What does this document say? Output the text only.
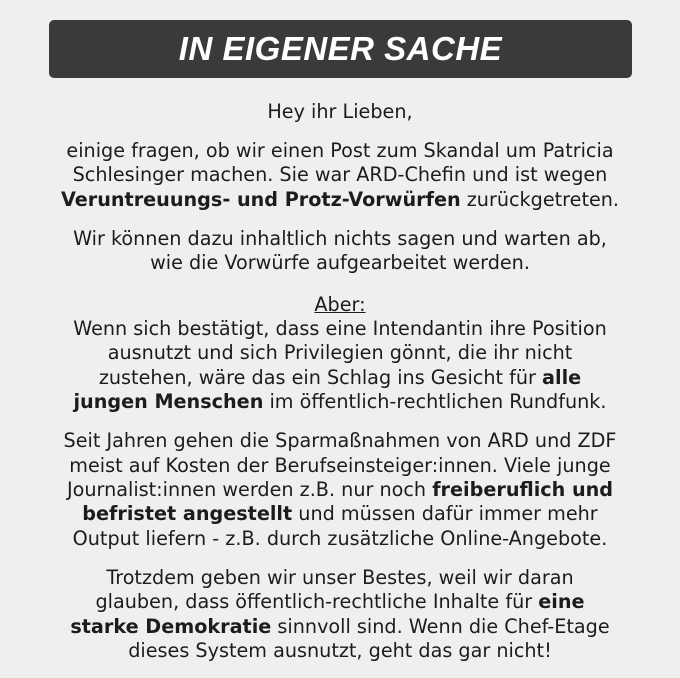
IN EIGENER SACHE

Hey ihr Lieben,

einige fragen, ob wir einen Post zum Skandal um Patricia
Schlesinger machen. Sie war ARD-Chefin und ist wegen
Veruntreuungs- und Protz-Vorwürfen zurückgetreten.

Wir können dazu inhaltlich nichts sagen und warten ab,
wie die Vorwürfe aufgearbeitet werden.

Aber:
Wenn sich bestätigt, dass eine Intendantin ihre Position
ausnutzt und sich Privilegien gönnt, die ihr nicht
zustehen, wäre das ein Schlag ins Gesicht für alle
jungen Menschen im öffentlich-rechtlichen Rundfunk.

Seit Jahren gehen die Sparmaßnahmen von ARD und ZDF
meist auf Kosten der Berufseinsteiger:innen. Viele junge
Journalist:innen werden z.B. nur noch freiberuflich und
befristet angestellt und müssen dafür immer mehr
Output liefern - z.B. durch zusätzliche Online-Angebote.

Trotzdem geben wir unser Bestes, weil wir daran
glauben, dass öffentlich-rechtliche Inhalte für eine
starke Demokratie sinnvoll sind. Wenn die Chef-Etage
dieses System ausnutzt, geht das gar nicht!
